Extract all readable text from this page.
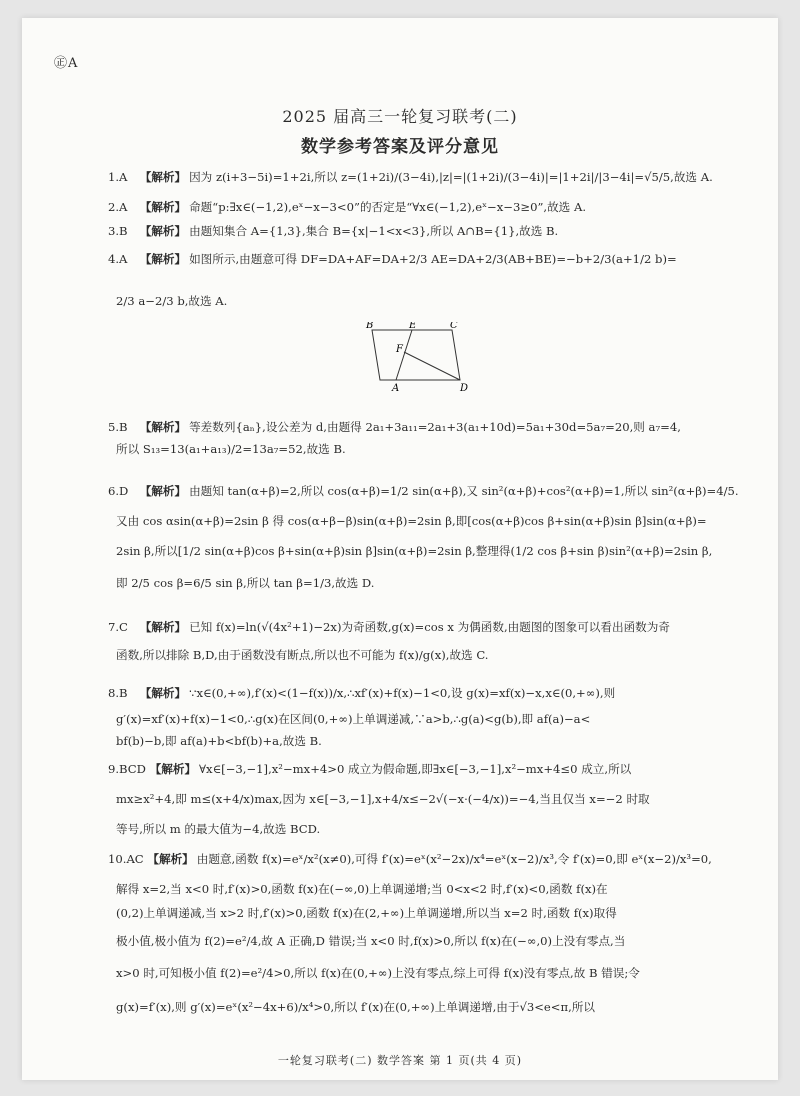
㊣A
2025 届高三一轮复习联考(二)
数学参考答案及评分意见
1.A 【解析】 因为 z(i+3−5i)=1+2i,所以 z=(1+2i)/(3−4i),|z|=|(1+2i)/(3−4i)|=|1+2i|/|3−4i|=√5/5,故选 A.
2.A 【解析】 命题“p:∃x∈(−1,2),eˣ−x−3<0”的否定是“∀x∈(−1,2),eˣ−x−3≥0”,故选 A.
3.B 【解析】 由题知集合 A={1,3},集合 B={x|−1<x<3},所以 A∩B={1},故选 B.
4.A 【解析】 如图所示,由题意可得 DF=DA+AF=DA+2/3 AE=DA+2/3(AB+BE)=−b+2/3(a+1/2 b)=
2/3 a−2/3 b,故选 A.
5.B 【解析】 等差数列{aₙ},设公差为 d,由题得 2a₁+3a₁₁=2a₁+3(a₁+10d)=5a₁+30d=5a₇=20,则 a₇=4,
所以 S₁₃=13(a₁+a₁₃)/2=13a₇=52,故选 B.
6.D 【解析】 由题知 tan(α+β)=2,所以 cos(α+β)=1/2 sin(α+β),又 sin²(α+β)+cos²(α+β)=1,所以 sin²(α+β)=4/5.
又由 cos αsin(α+β)=2sin β 得 cos(α+β−β)sin(α+β)=2sin β,即[cos(α+β)cos β+sin(α+β)sin β]sin(α+β)=
2sin β,所以[1/2 sin(α+β)cos β+sin(α+β)sin β]sin(α+β)=2sin β,整理得(1/2 cos β+sin β)sin²(α+β)=2sin β,
即 2/5 cos β=6/5 sin β,所以 tan β=1/3,故选 D.
7.C 【解析】 已知 f(x)=ln(√(4x²+1)−2x)为奇函数,g(x)=cos x 为偶函数,由题图的图象可以看出函数为奇
函数,所以排除 B,D,由于函数没有断点,所以也不可能为 f(x)/g(x),故选 C.
8.B 【解析】 ∵x∈(0,+∞),f′(x)<(1−f(x))/x,∴xf′(x)+f(x)−1<0,设 g(x)=xf(x)−x,x∈(0,+∞),则
g′(x)=xf′(x)+f(x)−1<0,∴g(x)在区间(0,+∞)上单调递减,∵a>b,∴g(a)<g(b),即 af(a)−a<
bf(b)−b,即 af(a)+b<bf(b)+a,故选 B.
9.BCD 【解析】 ∀x∈[−3,−1],x²−mx+4>0 成立为假命题,即∃x∈[−3,−1],x²−mx+4≤0 成立,所以
mx≥x²+4,即 m≤(x+4/x)max,因为 x∈[−3,−1],x+4/x≤−2√(−x·(−4/x))=−4,当且仅当 x=−2 时取
等号,所以 m 的最大值为−4,故选 BCD.
10.AC 【解析】 由题意,函数 f(x)=eˣ/x²(x≠0),可得 f′(x)=eˣ(x²−2x)/x⁴=eˣ(x−2)/x³,令 f′(x)=0,即 eˣ(x−2)/x³=0,
解得 x=2,当 x<0 时,f′(x)>0,函数 f(x)在(−∞,0)上单调递增;当 0<x<2 时,f′(x)<0,函数 f(x)在
(0,2)上单调递减,当 x>2 时,f′(x)>0,函数 f(x)在(2,+∞)上单调递增,所以当 x=2 时,函数 f(x)取得
极小值,极小值为 f(2)=e²/4,故 A 正确,D 错误;当 x<0 时,f(x)>0,所以 f(x)在(−∞,0)上没有零点,当
x>0 时,可知极小值 f(2)=e²/4>0,所以 f(x)在(0,+∞)上没有零点,综上可得 f(x)没有零点,故 B 错误;令
g(x)=f′(x),则 g′(x)=eˣ(x²−4x+6)/x⁴>0,所以 f′(x)在(0,+∞)上单调递增,由于√3<e<π,所以
B	E	C
F
A	D
一轮复习联考(二) 数学答案 第 1 页(共 4 页)
